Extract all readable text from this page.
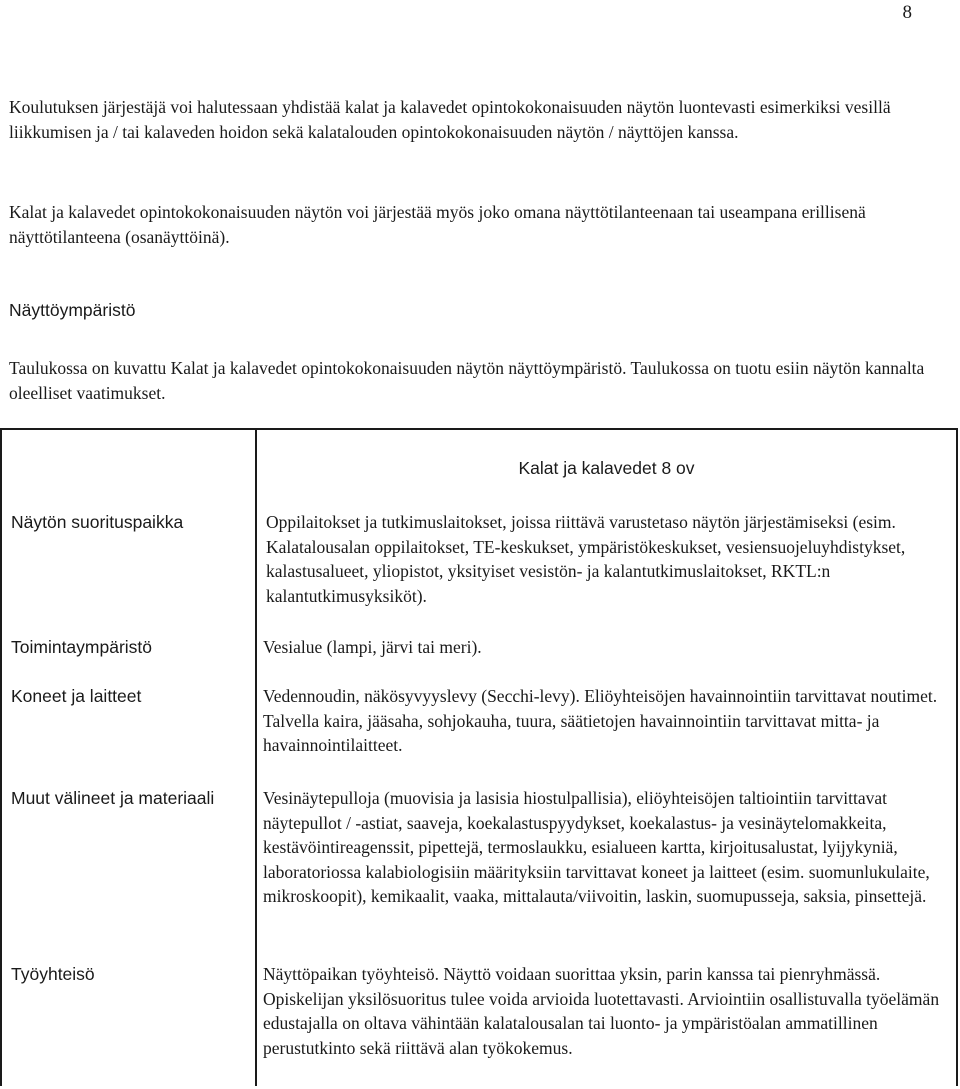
8

Koulutuksen järjestäjä voi halutessaan yhdistää kalat ja kalavedet opintokokonaisuuden näytön luontevasti esimerkiksi vesillä liikkumisen ja / tai kalaveden hoidon sekä kalatalouden opintokokonaisuuden näytön / näyttöjen kanssa.

Kalat ja kalavedet opintokokonaisuuden näytön voi järjestää myös joko omana näyttötilanteenaan tai useampana erillisenä näyttötilanteena (osanäyttöinä).

Näyttöympäristö

Taulukossa on kuvattu Kalat ja kalavedet opintokokonaisuuden näytön näyttöympäristö. Taulukossa on tuotu esiin näytön kannalta oleelliset vaatimukset.

Kalat ja kalavedet 8 ov
Näytön suorituspaikka	Oppilaitokset ja tutkimuslaitokset, joissa riittävä varustetaso näytön järjestämiseksi (esim. Kalatalousalan oppilaitokset, TE-keskukset, ympäristökeskukset, vesiensuojeluyhdistykset, kalastusalueet, yliopistot, yksityiset vesistön- ja kalantutkimuslaitokset, RKTL:n kalantutkimusyksiköt).
Toimintaympäristö	Vesialue (lampi, järvi tai meri).
Koneet ja laitteet	Vedennoudin, näkösyvyyslevy (Secchi-levy). Eliöyhteisöjen havainnointiin tarvittavat noutimet. Talvella kaira, jääsaha, sohjokauha, tuura, säätietojen havainnointiin tarvittavat mitta- ja havainnointilaitteet.
Muut välineet ja materiaali	Vesinäytepulloja (muovisia ja lasisia hiostulpallisia), eliöyhteisöjen taltiointiin tarvittavat näytepullot / -astiat, saaveja, koekalastuspyydykset, koekalastus- ja vesinäytelomakkeita, kestävöintireagenssit, pipettejä, termoslaukku, esialueen kartta, kirjoitusalustat, lyijykyniä, laboratoriossa kalabiologisiin määrityksiin tarvittavat koneet ja laitteet (esim. suomunlukulaite, mikroskoopit), kemikaalit, vaaka, mittalauta/viivoitin, laskin, suomupusseja, saksia, pinsettejä.
Työyhteisö	Näyttöpaikan työyhteisö. Näyttö voidaan suorittaa yksin, parin kanssa tai pienryhmässä. Opiskelijan yksilösuoritus tulee voida arvioida luotettavasti. Arviointiin osallistuvalla työelämän edustajalla on oltava vähintään kalatalousalan tai luonto- ja ympäristöalan ammatillinen perustutkinto sekä riittävä alan työkokemus.
